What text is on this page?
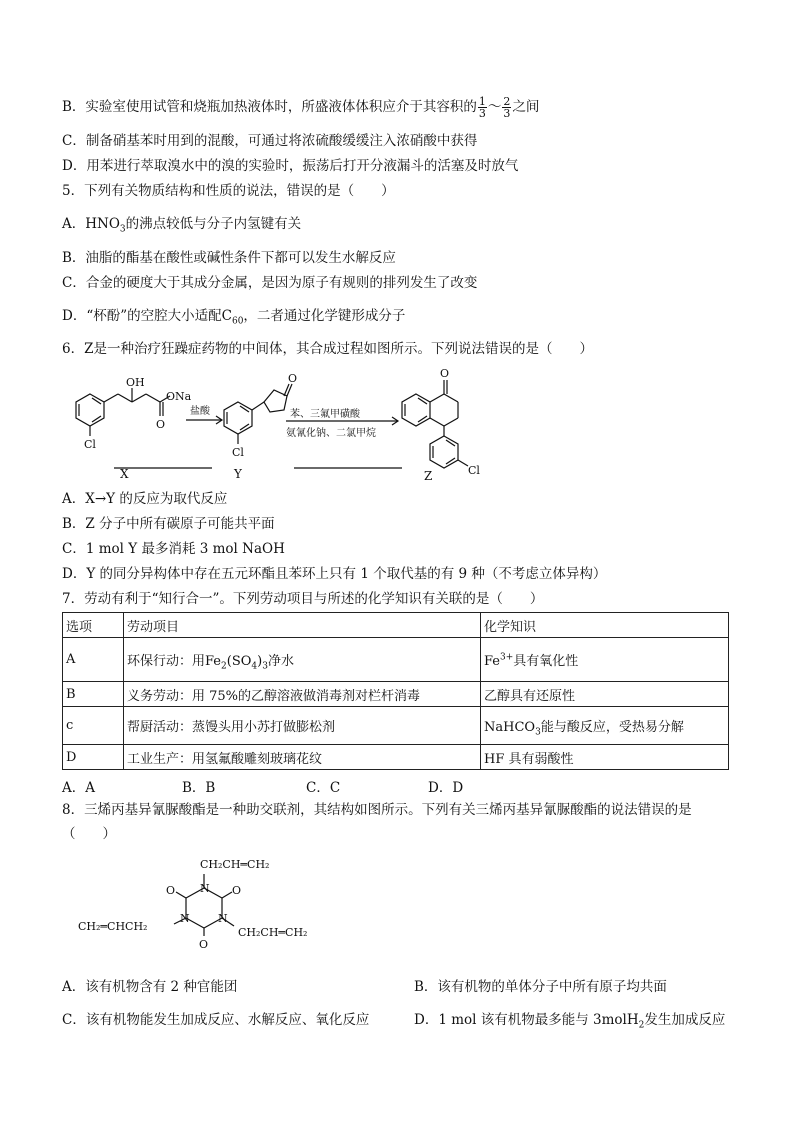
B．实验室使用试管和烧瓶加热液体时，所盛液体体积应介于其容积的 $\frac{1}{3}$ ～ $\frac{2}{3}$ 之间
C．制备硝基苯时用到的混酸，可通过将浓硫酸缓缓注入浓硝酸中获得
D．用苯进行萃取溴水中的溴的实验时，振荡后打开分液漏斗的活塞及时放气
5．下列有关物质结构和性质的说法，错误的是（　　）
A．$HNO_3$的沸点较低与分子内氢键有关
B．油脂的酯基在酸性或碱性条件下都可以发生水解反应
C．合金的硬度大于其成分金属，是因为原子有规则的排列发生了改变
D．“杯酚”的空腔大小适配$C_{60}$，二者通过化学键形成分子
6．Z是一种治疗狂躁症药物的中间体，其合成过程如图所示。下列说法错误的是（　　）
OH
ONa
O
Cl
X
盐酸
O
Cl
Y
苯、三氟甲磺酸
氨氰化钠、二氯甲烷
O
Cl
Z
A．X→Y 的反应为取代反应
B．Z 分子中所有碳原子可能共平面
C．1 mol Y 最多消耗 3 mol NaOH
D．Y 的同分异构体中存在五元环酯且苯环上只有 1 个取代基的有 9 种（不考虑立体异构）
7．劳动有利于“知行合一”。下列劳动项目与所述的化学知识有关联的是（　　）
选项	劳动项目	化学知识
A	环保行动：用$Fe_2(SO_4)_3$净水	$Fe^{3+}$具有氧化性
B	义务劳动：用 75%的乙醇溶液做消毒剂对栏杆消毒	乙醇具有还原性
c	帮厨活动：蒸馒头用小苏打做膨松剂	NaHCO$_3$能与酸反应，受热易分解
D	工业生产：用氢氟酸雕刻玻璃花纹	HF 具有弱酸性
A．A	B．B	C．C	D．D
8．三烯丙基异氰脲酸酯是一种助交联剂，其结构如图所示。下列有关三烯丙基异氰脲酸酯的说法错误的是
（　　）
CH₂CH═CH₂
CH₂═CHCH₂	CH₂CH═CH₂
N
N	N
O	O
O
A．该有机物含有 2 种官能团	B．该有机物的单体分子中所有原子均共面
C．该有机物能发生加成反应、水解反应、氧化反应	D．1 mol 该有机物最多能与 3molH$_2$发生加成反应
